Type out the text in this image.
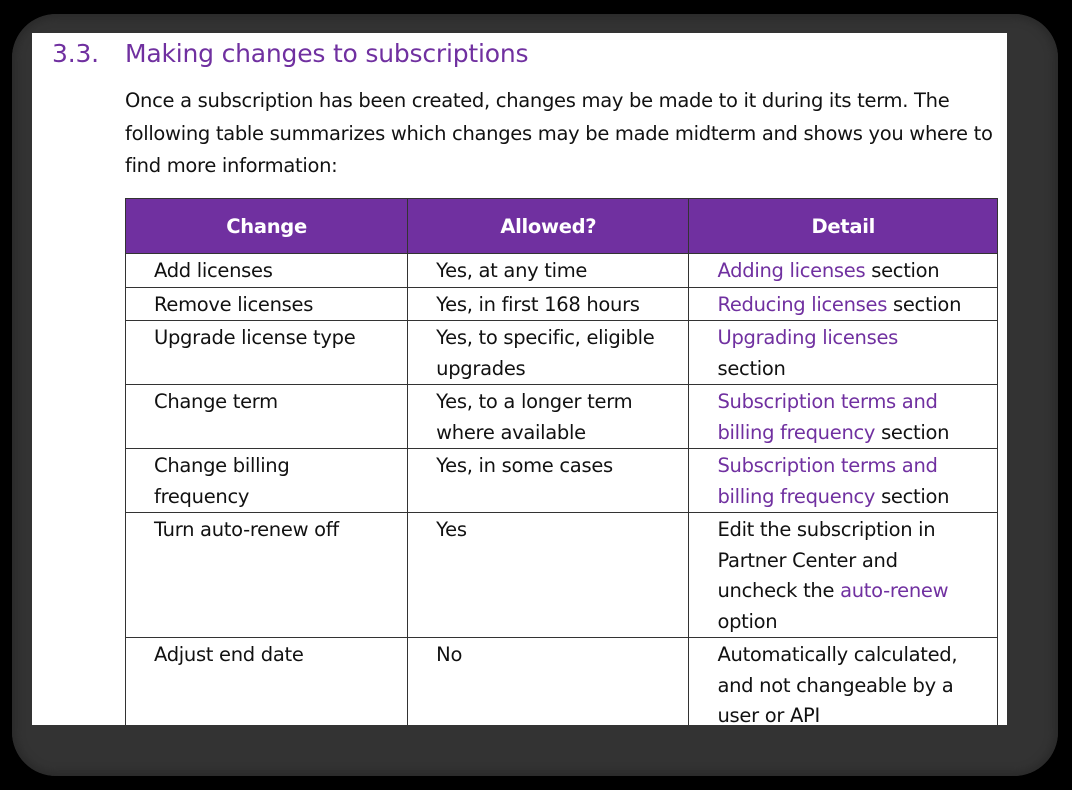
3.3. Making changes to subscriptions
Once a subscription has been created, changes may be made to it during its term. The following table summarizes which changes may be made midterm and shows you where to find more information:
Change	Allowed?	Detail
Add licenses	Yes, at any time	Adding licenses section
Remove licenses	Yes, in first 168 hours	Reducing licenses section
Upgrade license type	Yes, to specific, eligible upgrades	Upgrading licenses section
Change term	Yes, to a longer term where available	Subscription terms and billing frequency section
Change billing frequency	Yes, in some cases	Subscription terms and billing frequency section
Turn auto-renew off	Yes	Edit the subscription in Partner Center and uncheck the auto-renew option
Adjust end date	No	Automatically calculated, and not changeable by a user or API
